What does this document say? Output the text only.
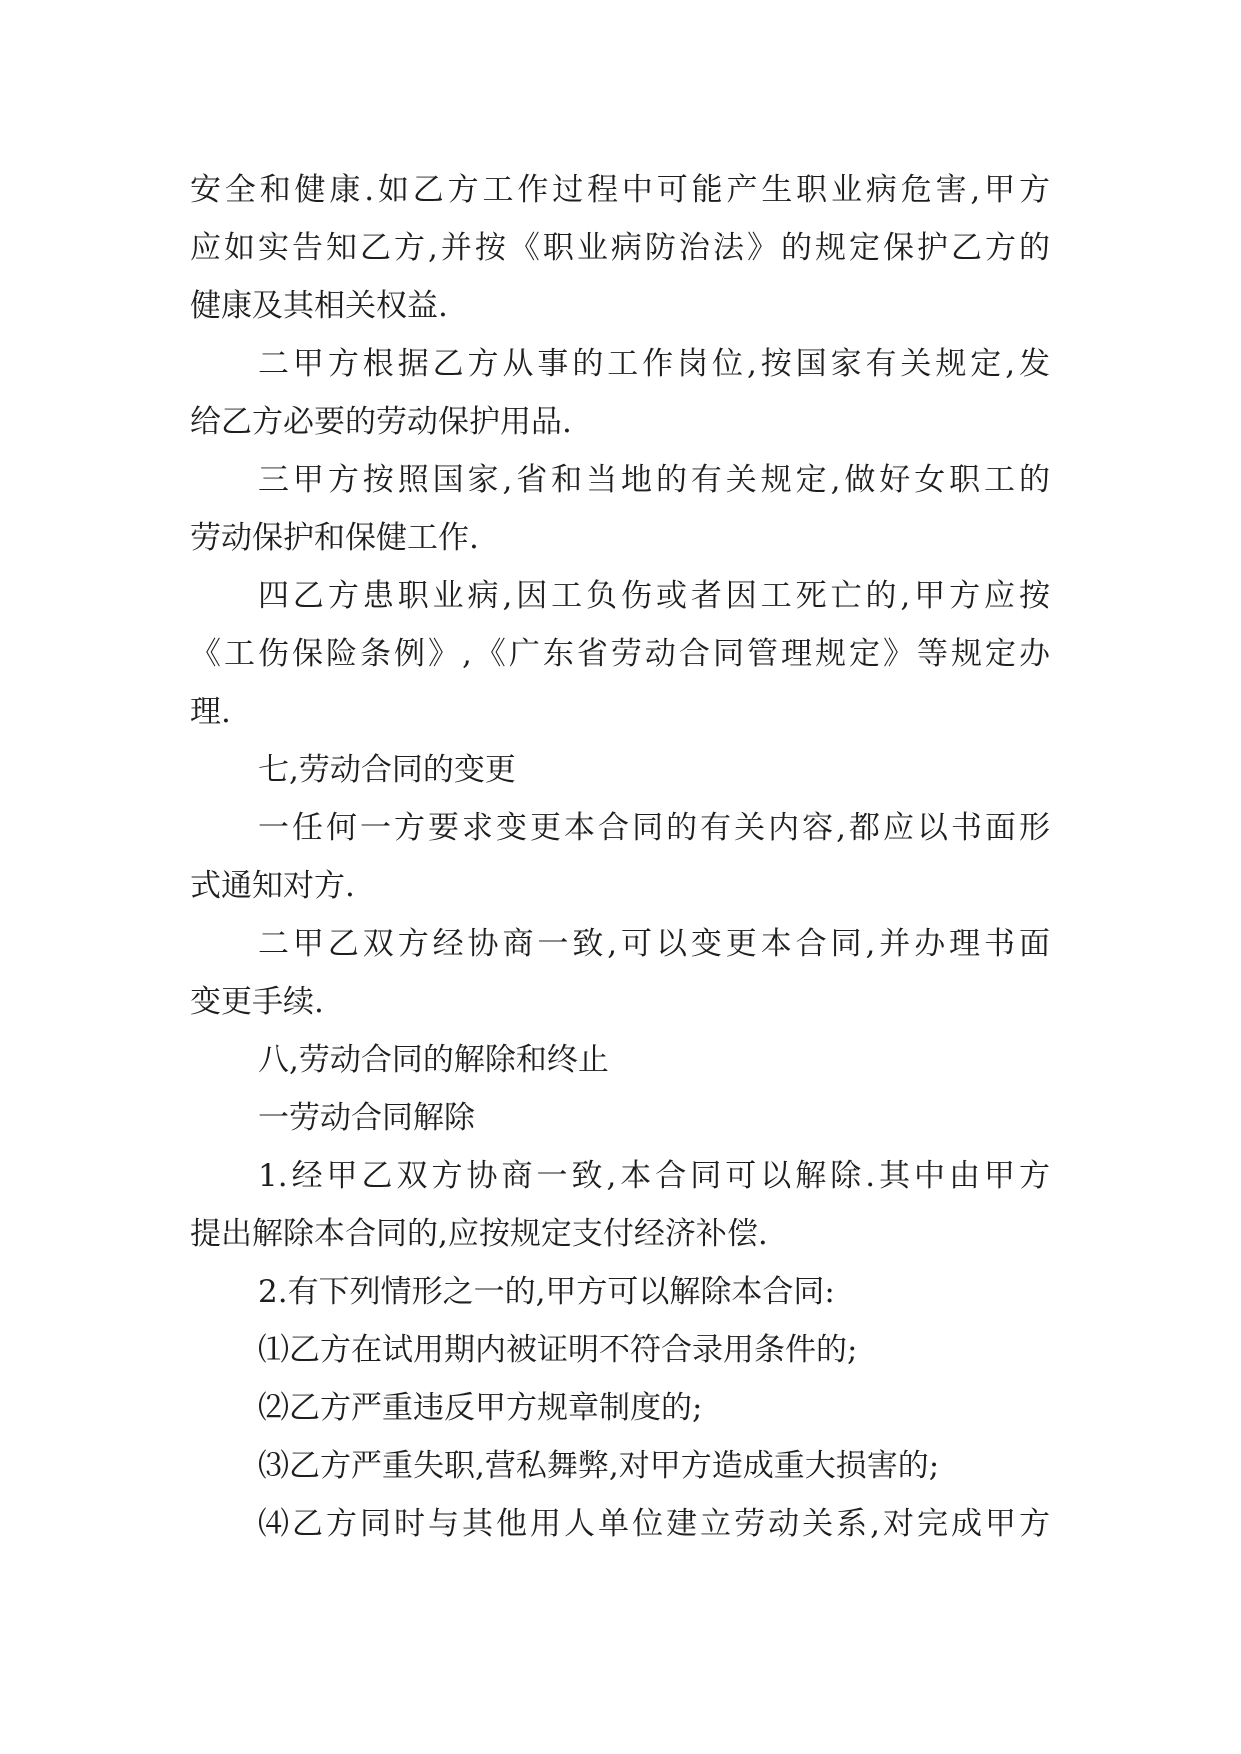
安全和健康.如乙方工作过程中可能产生职业病危害,甲方

应如实告知乙方,并按《职业病防治法》的规定保护乙方的

健康及其相关权益.

二甲方根据乙方从事的工作岗位,按国家有关规定,发

给乙方必要的劳动保护用品.

三甲方按照国家,省和当地的有关规定,做好女职工的

劳动保护和保健工作.

四乙方患职业病,因工负伤或者因工死亡的,甲方应按

《工伤保险条例》,《广东省劳动合同管理规定》等规定办

理.

七,劳动合同的变更

一任何一方要求变更本合同的有关内容,都应以书面形

式通知对方.

二甲乙双方经协商一致,可以变更本合同,并办理书面

变更手续.

八,劳动合同的解除和终止

一劳动合同解除

1.经甲乙双方协商一致,本合同可以解除.其中由甲方

提出解除本合同的,应按规定支付经济补偿.

2.有下列情形之一的,甲方可以解除本合同:

⑴乙方在试用期内被证明不符合录用条件的;

⑵乙方严重违反甲方规章制度的;

⑶乙方严重失职,营私舞弊,对甲方造成重大损害的;

⑷乙方同时与其他用人单位建立劳动关系,对完成甲方
